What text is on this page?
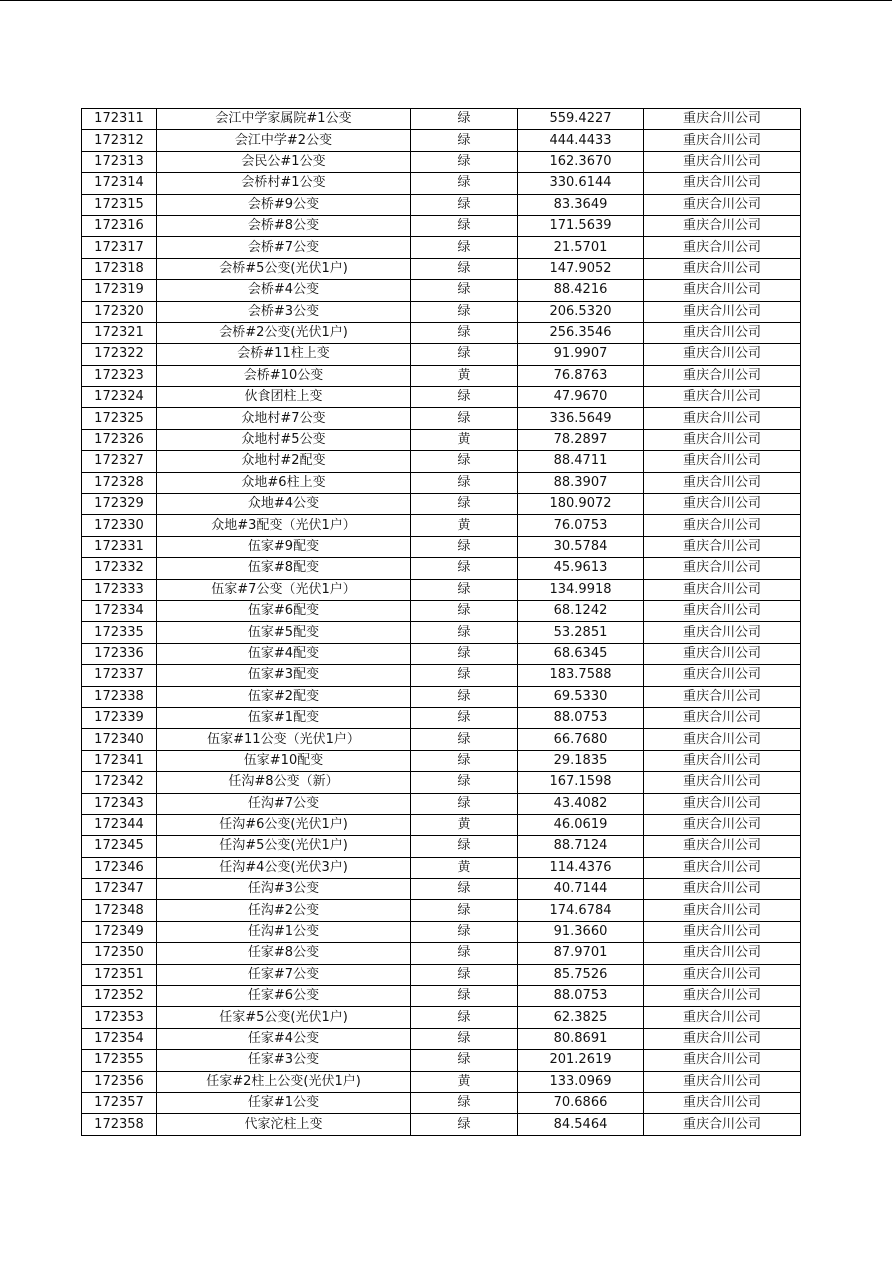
172311	会江中学家属院#1公变	绿	559.4227	重庆合川公司
172312	会江中学#2公变	绿	444.4433	重庆合川公司
172313	会民公#1公变	绿	162.3670	重庆合川公司
172314	会桥村#1公变	绿	330.6144	重庆合川公司
172315	会桥#9公变	绿	83.3649	重庆合川公司
172316	会桥#8公变	绿	171.5639	重庆合川公司
172317	会桥#7公变	绿	21.5701	重庆合川公司
172318	会桥#5公变(光伏1户)	绿	147.9052	重庆合川公司
172319	会桥#4公变	绿	88.4216	重庆合川公司
172320	会桥#3公变	绿	206.5320	重庆合川公司
172321	会桥#2公变(光伏1户)	绿	256.3546	重庆合川公司
172322	会桥#11柱上变	绿	91.9907	重庆合川公司
172323	会桥#10公变	黄	76.8763	重庆合川公司
172324	伙食团柱上变	绿	47.9670	重庆合川公司
172325	众地村#7公变	绿	336.5649	重庆合川公司
172326	众地村#5公变	黄	78.2897	重庆合川公司
172327	众地村#2配变	绿	88.4711	重庆合川公司
172328	众地#6柱上变	绿	88.3907	重庆合川公司
172329	众地#4公变	绿	180.9072	重庆合川公司
172330	众地#3配变（光伏1户）	黄	76.0753	重庆合川公司
172331	伍家#9配变	绿	30.5784	重庆合川公司
172332	伍家#8配变	绿	45.9613	重庆合川公司
172333	伍家#7公变（光伏1户）	绿	134.9918	重庆合川公司
172334	伍家#6配变	绿	68.1242	重庆合川公司
172335	伍家#5配变	绿	53.2851	重庆合川公司
172336	伍家#4配变	绿	68.6345	重庆合川公司
172337	伍家#3配变	绿	183.7588	重庆合川公司
172338	伍家#2配变	绿	69.5330	重庆合川公司
172339	伍家#1配变	绿	88.0753	重庆合川公司
172340	伍家#11公变（光伏1户）	绿	66.7680	重庆合川公司
172341	伍家#10配变	绿	29.1835	重庆合川公司
172342	任沟#8公变（新）	绿	167.1598	重庆合川公司
172343	任沟#7公变	绿	43.4082	重庆合川公司
172344	任沟#6公变(光伏1户)	黄	46.0619	重庆合川公司
172345	任沟#5公变(光伏1户)	绿	88.7124	重庆合川公司
172346	任沟#4公变(光伏3户)	黄	114.4376	重庆合川公司
172347	任沟#3公变	绿	40.7144	重庆合川公司
172348	任沟#2公变	绿	174.6784	重庆合川公司
172349	任沟#1公变	绿	91.3660	重庆合川公司
172350	任家#8公变	绿	87.9701	重庆合川公司
172351	任家#7公变	绿	85.7526	重庆合川公司
172352	任家#6公变	绿	88.0753	重庆合川公司
172353	任家#5公变(光伏1户)	绿	62.3825	重庆合川公司
172354	任家#4公变	绿	80.8691	重庆合川公司
172355	任家#3公变	绿	201.2619	重庆合川公司
172356	任家#2柱上公变(光伏1户)	黄	133.0969	重庆合川公司
172357	任家#1公变	绿	70.6866	重庆合川公司
172358	代家沱柱上变	绿	84.5464	重庆合川公司
